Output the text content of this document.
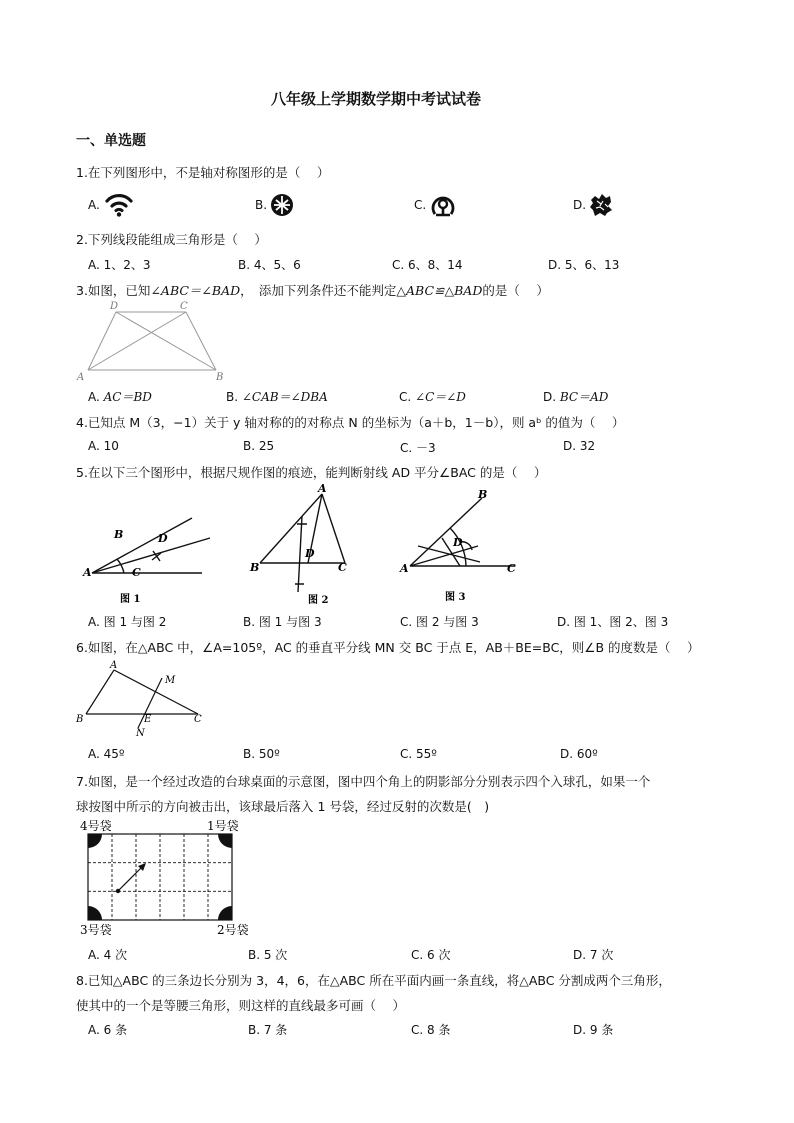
八年级上学期数学期中考试试卷
一、单选题
1.在下列图形中，不是轴对称图形的是（　 ）
A.	B.	C.	D.
2.下列线段能组成三角形是（　 ）
A. 1、2、3	B. 4、5、6	C. 6、8、14	D. 5、6、13
3.如图，已知∠ABC＝∠BAD，　添加下列条件还不能判定△ABC≌△BAD的是（　 ）
D	C
A	B
A. AC＝BD	B. ∠CAB＝∠DBA	C. ∠C＝∠D	D. BC＝AD
4.已知点 M（3，−1）关于 y 轴对称的的对称点 N 的坐标为（a＋b，1－b），则 aᵇ 的值为（　 ）
A. 10	B. 25	C. －3	D. 32
5.在以下三个图形中，根据尺规作图的痕迹，能判断射线 AD 平分∠BAC 的是（　 ）
B	D
A	C
图 1
A
D
B	C
图 2
B
D
A	C
图 3
A. 图 1 与图 2	B. 图 1 与图 3	C. 图 2 与图 3	D. 图 1、图 2、图 3
6.如图，在△ABC 中，∠A=105º，AC 的垂直平分线 MN 交 BC 于点 E，AB＋BE=BC，则∠B 的度数是（　 ）
A
M
B	E	C
N
A. 45º	B. 50º	C. 55º	D. 60º
7.如图，是一个经过改造的台球桌面的示意图，图中四个角上的阴影部分分别表示四个入球孔，如果一个
球按图中所示的方向被击出，该球最后落入 1 号袋，经过反射的次数是(　)
4号袋	1号袋
3号袋	2号袋
A. 4 次	B. 5 次	C. 6 次	D. 7 次
8.已知△ABC 的三条边长分别为 3，4，6，在△ABC 所在平面内画一条直线，将△ABC 分割成两个三角形，
使其中的一个是等腰三角形，则这样的直线最多可画（　 ）
A. 6 条	B. 7 条	C. 8 条	D. 9 条
